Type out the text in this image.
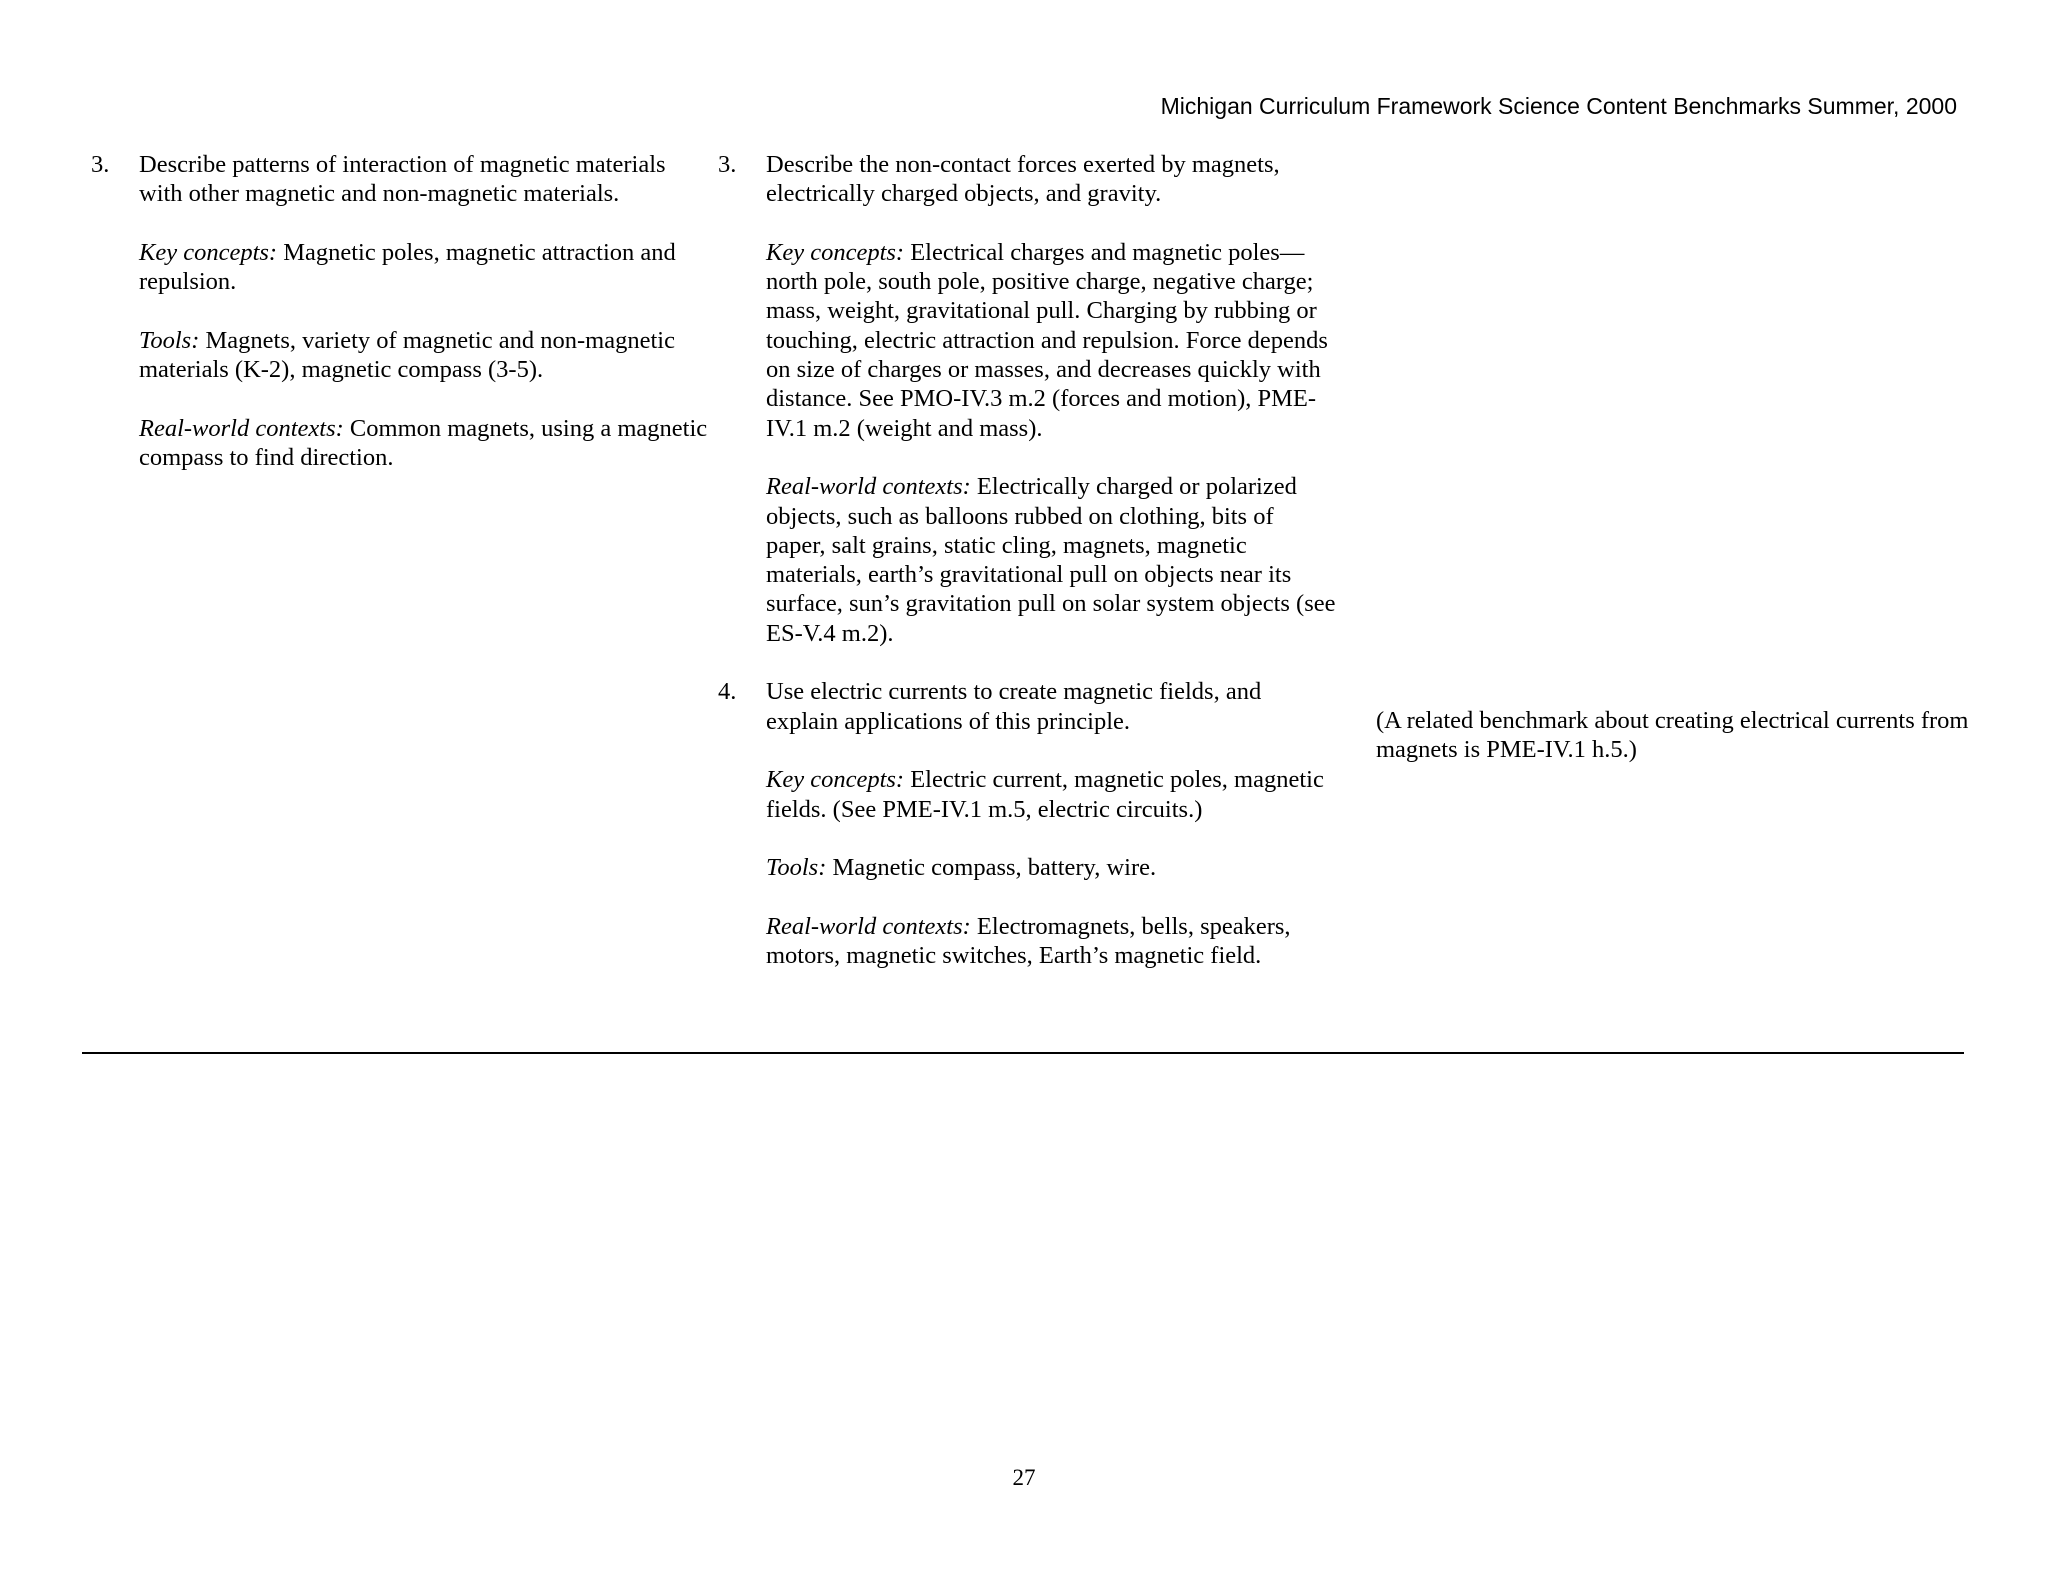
Michigan Curriculum Framework Science Content Benchmarks Summer, 2000
3. Describe patterns of interaction of magnetic materials with other magnetic and non-magnetic materials.

Key concepts: Magnetic poles, magnetic attraction and repulsion.

Tools: Magnets, variety of magnetic and non-magnetic materials (K-2), magnetic compass (3-5).

Real-world contexts: Common magnets, using a magnetic compass to find direction.

3. Describe the non-contact forces exerted by magnets, electrically charged objects, and gravity.

Key concepts: Electrical charges and magnetic poles—north pole, south pole, positive charge, negative charge; mass, weight, gravitational pull. Charging by rubbing or touching, electric attraction and repulsion. Force depends on size of charges or masses, and decreases quickly with distance. See PMO-IV.3 m.2 (forces and motion), PME-IV.1 m.2 (weight and mass).

Real-world contexts: Electrically charged or polarized objects, such as balloons rubbed on clothing, bits of paper, salt grains, static cling, magnets, magnetic materials, earth’s gravitational pull on objects near its surface, sun’s gravitation pull on solar system objects (see ES-V.4 m.2).

4. Use electric currents to create magnetic fields, and explain applications of this principle.

Key concepts: Electric current, magnetic poles, magnetic fields. (See PME-IV.1 m.5, electric circuits.)

Tools: Magnetic compass, battery, wire.

Real-world contexts: Electromagnets, bells, speakers, motors, magnetic switches, Earth’s magnetic field.

(A related benchmark about creating electrical currents from magnets is PME-IV.1 h.5.)

27
